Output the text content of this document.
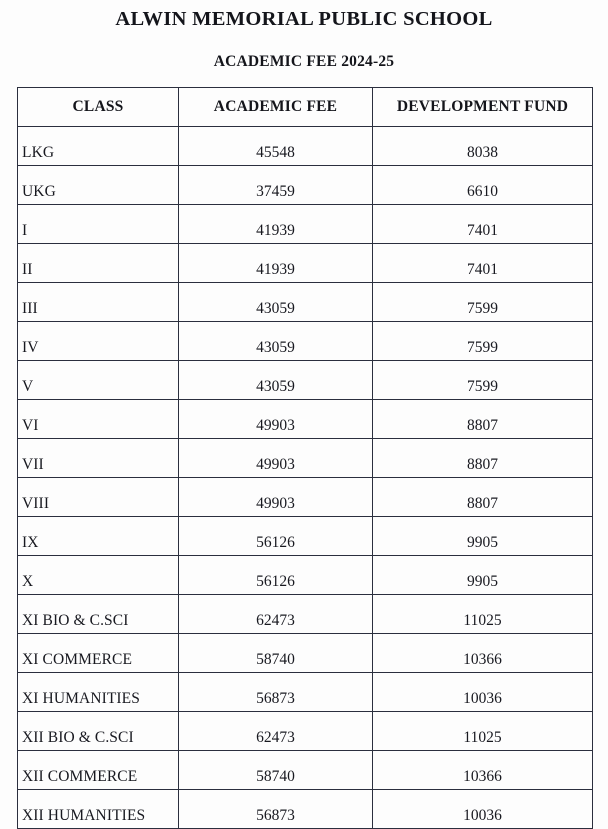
ALWIN MEMORIAL PUBLIC SCHOOL
ACADEMIC FEE 2024-25
CLASS	ACADEMIC FEE	DEVELOPMENT FUND
LKG	45548	8038
UKG	37459	6610
I	41939	7401
II	41939	7401
III	43059	7599
IV	43059	7599
V	43059	7599
VI	49903	8807
VII	49903	8807
VIII	49903	8807
IX	56126	9905
X	56126	9905
XI BIO & C.SCI	62473	11025
XI COMMERCE	58740	10366
XI HUMANITIES	56873	10036
XII BIO & C.SCI	62473	11025
XII COMMERCE	58740	10366
XII HUMANITIES	56873	10036
